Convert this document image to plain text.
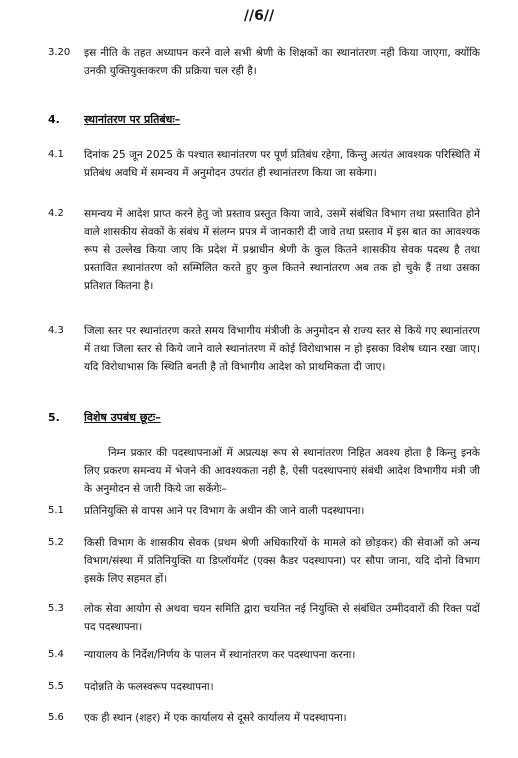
//6//
3.20 इस नीति के तहत अध्यापन करने वाले सभी श्रेणी के शिक्षकों का स्थानांतरण नही किया जाएगा, क्योंकि उनकी युक्तियुक्तकरण की प्रक्रिया चल रही है।
4. स्थानांतरण पर प्रतिबंधः–
4.1 दिनांक 25 जून 2025 के पश्चात स्थानांतरण पर पूर्ण प्रतिबंध रहेगा, किन्तु अत्यंत आवश्यक परिस्थिति में प्रतिबंध अवधि में समन्वय में अनुमोदन उपरांत ही स्थानांतरण किया जा सकेगा।
4.2 समन्वय में आदेश प्राप्त करने हेतु जो प्रस्ताव प्रस्तुत किया जावे, उसमें संबंधित विभाग तथा प्रस्तावित होने वाले शासकीय सेवकों के संबंध में संलग्न प्रपत्र में जानकारी दी जावे तथा प्रस्ताव में इस बात का आवश्यक रूप से उल्लेख किया जाए कि प्रदेश में प्रश्नाधीन श्रेणी के कुल कितने शासकीय सेवक पदस्थ है तथा प्रस्तावित स्थानांतरण को सम्मिलित करते हुए कुल कितने स्थानांतरण अब तक हो चुके हैं तथा उसका प्रतिशत कितना है।
4.3 जिला स्तर पर स्थानांतरण करते समय विभागीय मंत्रीजी के अनुमोदन से राज्य स्तर से किये गए स्थानांतरण में तथा जिला स्तर से किये जाने वाले स्थानांतरण में कोई विरोधाभास न हो इसका विशेष ध्यान रखा जाए। यदि विरोधाभास कि स्थिति बनती है तो विभागीय आदेश को प्राथमिकता दी जाए।
5. विशेष उपबंध छूटः–
निम्न प्रकार की पदस्थापनाओं में अप्रत्यक्ष रूप से स्थानांतरण निहित अवश्य होता है किन्तु इनके लिए प्रकरण समन्वय में भेजने की आवश्यकता नही है, ऐसी पदस्थापनाएं संबंधी आदेश विभागीय मंत्री जी के अनुमोदन से जारी किये जा सकेंगेः–
5.1 प्रतिनियुक्ति से वापस आने पर विभाग के अधीन की जाने वाली पदस्थापना।
5.2 किसी विभाग के शासकीय सेवक (प्रथम श्रेणी अधिकारियों के मामले को छोड़कर) की सेवाओं को अन्य विभाग/संस्था में प्रतिनियुक्ति या डिप्लॉयमेंट (एक्स कैडर पदस्थापना) पर सौपा जाना, यदि दोनो विभाग इसके लिए सहमत हों।
5.3 लोक सेवा आयोग से अथवा चयन समिति द्वारा चयनित नई नियुक्ति से संबंधित उम्मीदवारों की रिक्त पदों पद पदस्थापना।
5.4 न्यायालय के निर्देश/निर्णय के पालन में स्थानांतरण कर पदस्थापना करना।
5.5 पदोन्नति के फलस्वरूप पदस्थापना।
5.6 एक ही स्थान (शहर) में एक कार्यालय से दूसरे कार्यालय में पदस्थापना।
